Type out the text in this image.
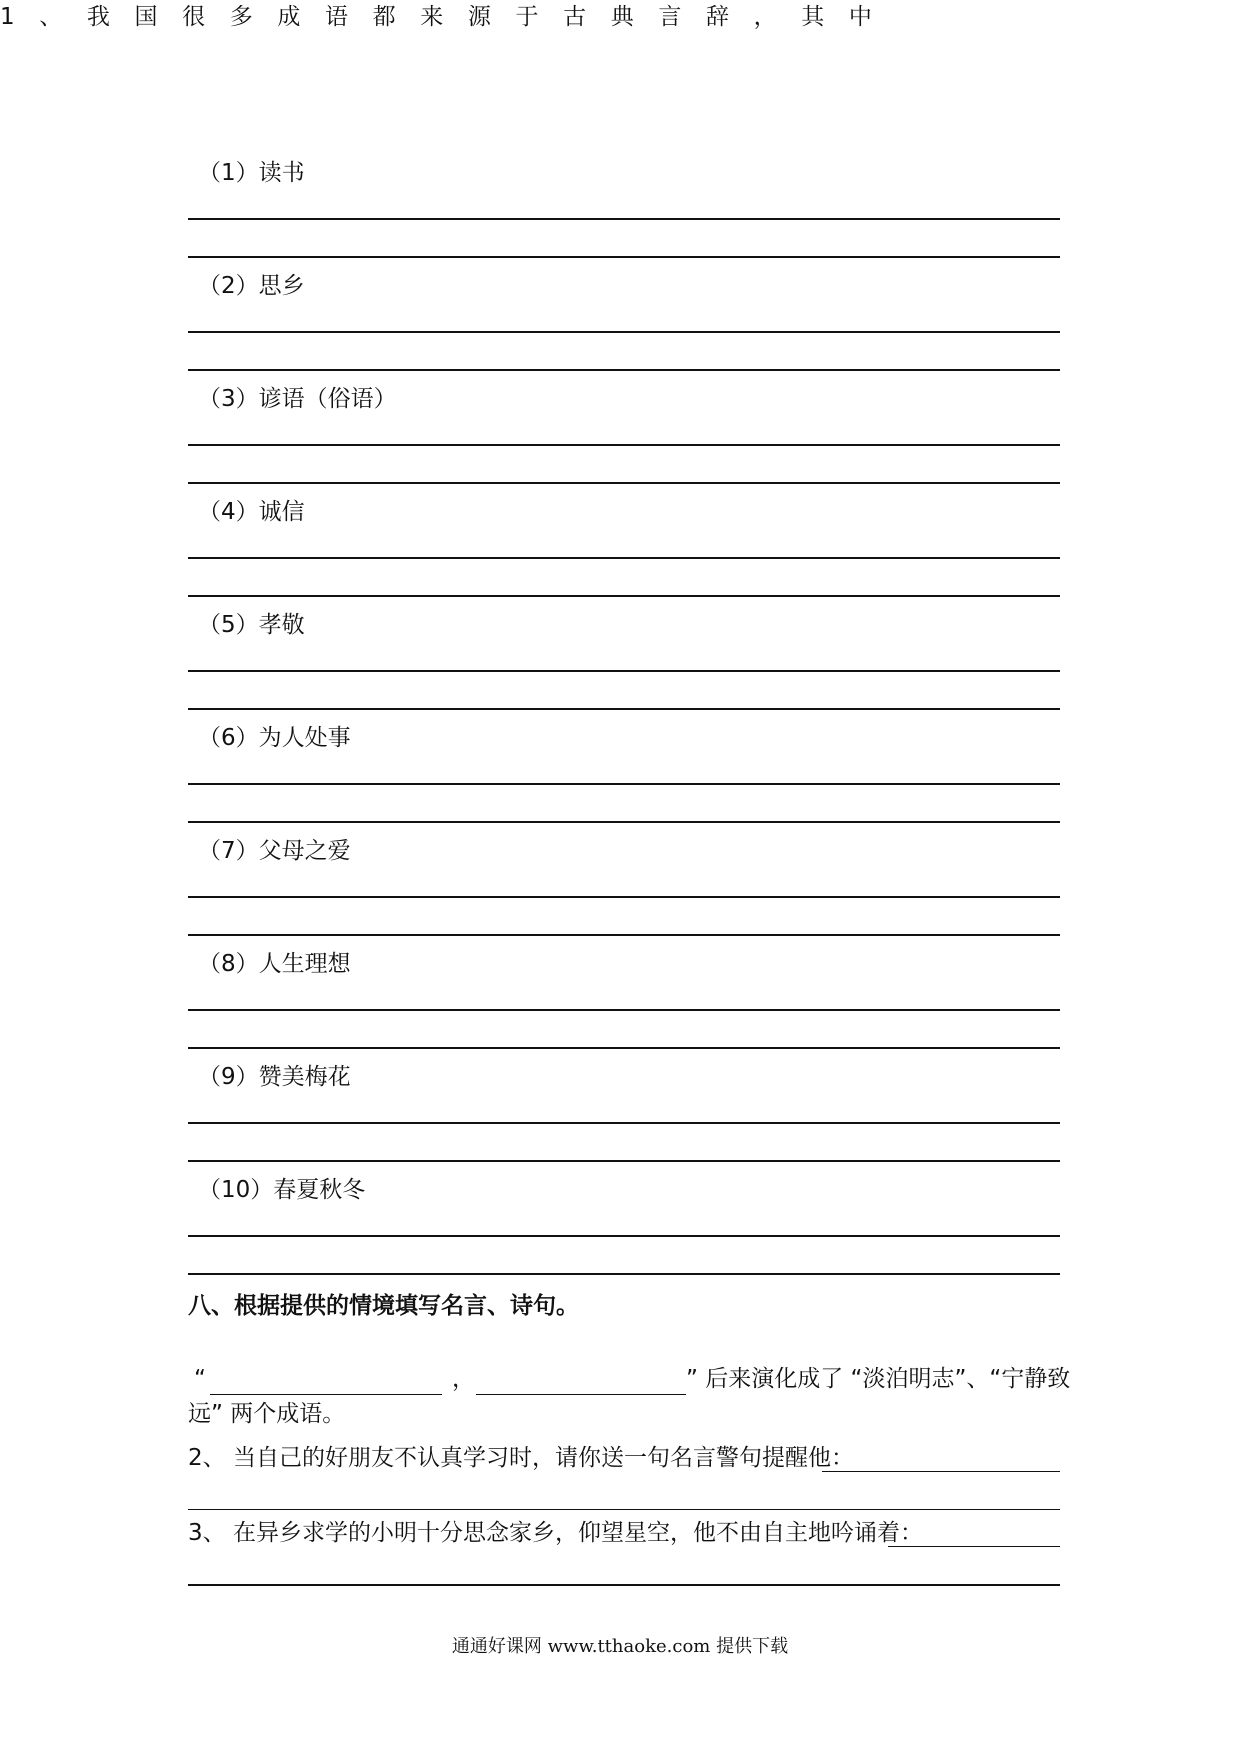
（1）读书
（2）思乡
（3）谚语（俗语）
（4）诚信
（5）孝敬
（6）为人处事
（7）父母之爱
（8）人生理想
（9）赞美梅花
（10）春夏秋冬
八、根据提供的情境填写名言、诗句。
1 、 我 国 很 多 成 语 都 来 源 于 古 典 言 辞 ， 其 中
“	，	” 后来演化成了 “淡泊明志”、“宁静致
远” 两个成语。
2、 当自己的好朋友不认真学习时，请你送一句名言警句提醒他：
3、 在异乡求学的小明十分思念家乡，仰望星空，他不由自主地吟诵着：
通通好课网 www.tthaoke.com 提供下载
